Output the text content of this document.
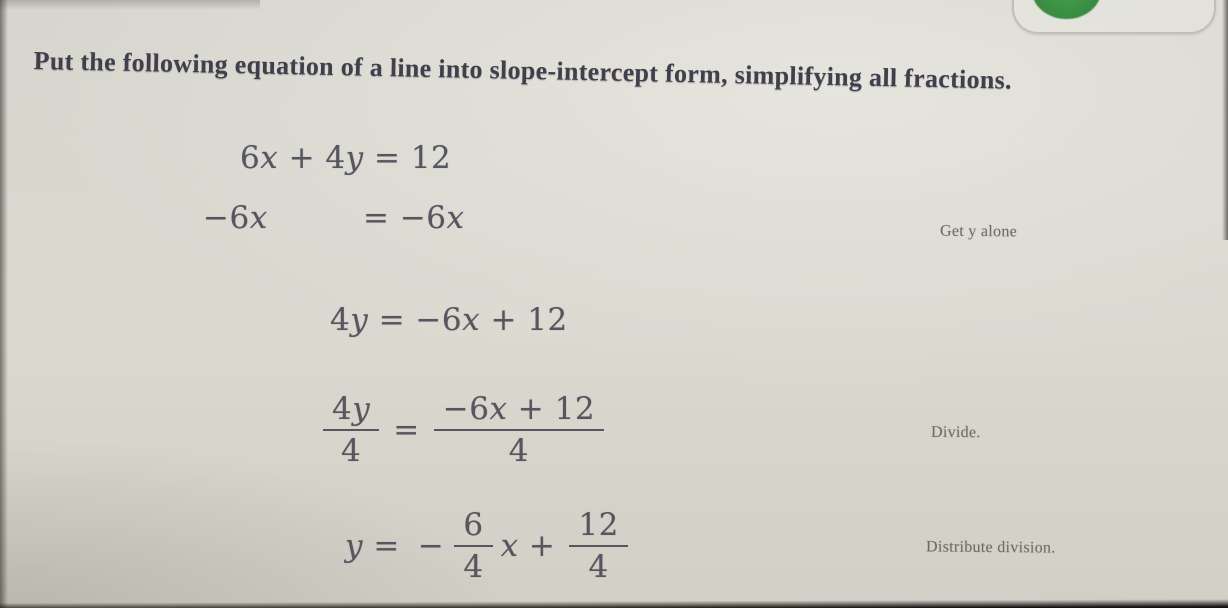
Put the following equation of a line into slope-intercept form, simplifying all fractions.
6x + 4y = 12
−6x	= −6x
4y = −6x + 12
$\frac{4y}{4} = \frac{-6x + 12}{4}$
y = − $\frac{6}{4}$ $x + \frac{12}{4}$
Get y alone
Divide.
Distribute division.
